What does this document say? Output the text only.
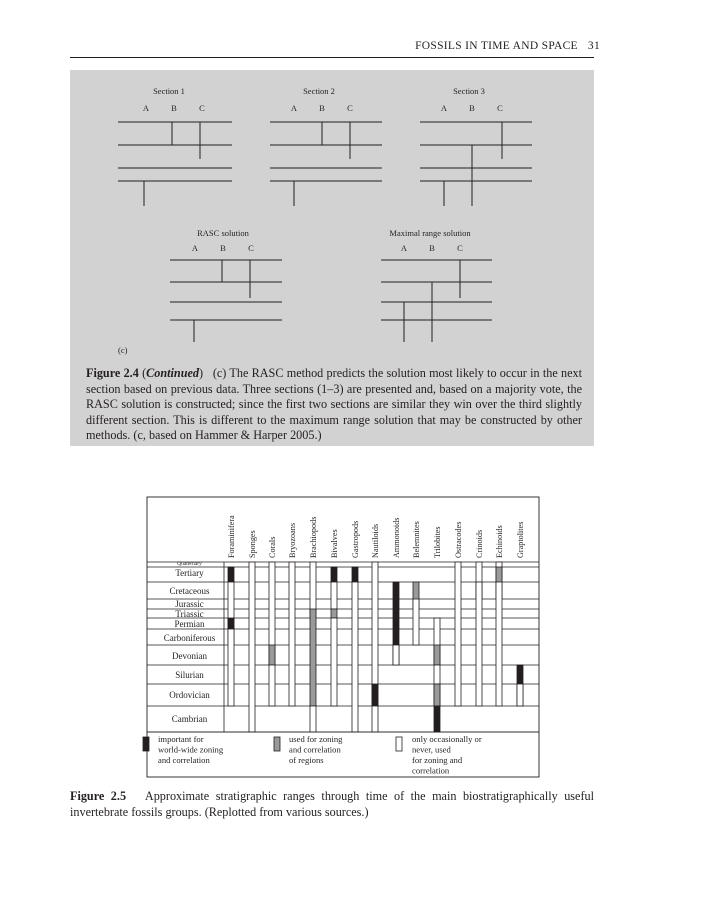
FOSSILS IN TIME AND SPACE 31
Section 1
A	B	C
Section 2
A	B	C
Section 3
A	B	C
RASC solution
A	B	C
Maximal range solution
A	B	C
(c)
Figure 2.4 (Continued)   (c) The RASC method predicts the solution most likely to occur in the next section based on previous data. Three sections (1–3) are presented and, based on a majority vote, the RASC solution is constructed; since the first two sections are similar they win over the third slightly different section. This is different to the maximum range solution that may be constructed by other methods. (c, based on Hammer & Harper 2005.)
Foraminifera Sponges Corals Bryozoans Brachiopods Bivalves Gastropods Nautiloids Ammonoids Belemnites Trilobites Ostracodes Crinoids Echinoids Graptolites
Quaternary
Tertiary
Cretaceous
Jurassic
Triassic
Permian
Carboniferous
Devonian
Silurian
Ordovician
Cambrian
important for
world-wide zoning
and correlation
used for zoning
and correlation
of regions
only occasionally or
never, used
for zoning and
correlation
Figure 2.5 Approximate stratigraphic ranges through time of the main biostratigraphically useful invertebrate fossils groups. (Replotted from various sources.)
